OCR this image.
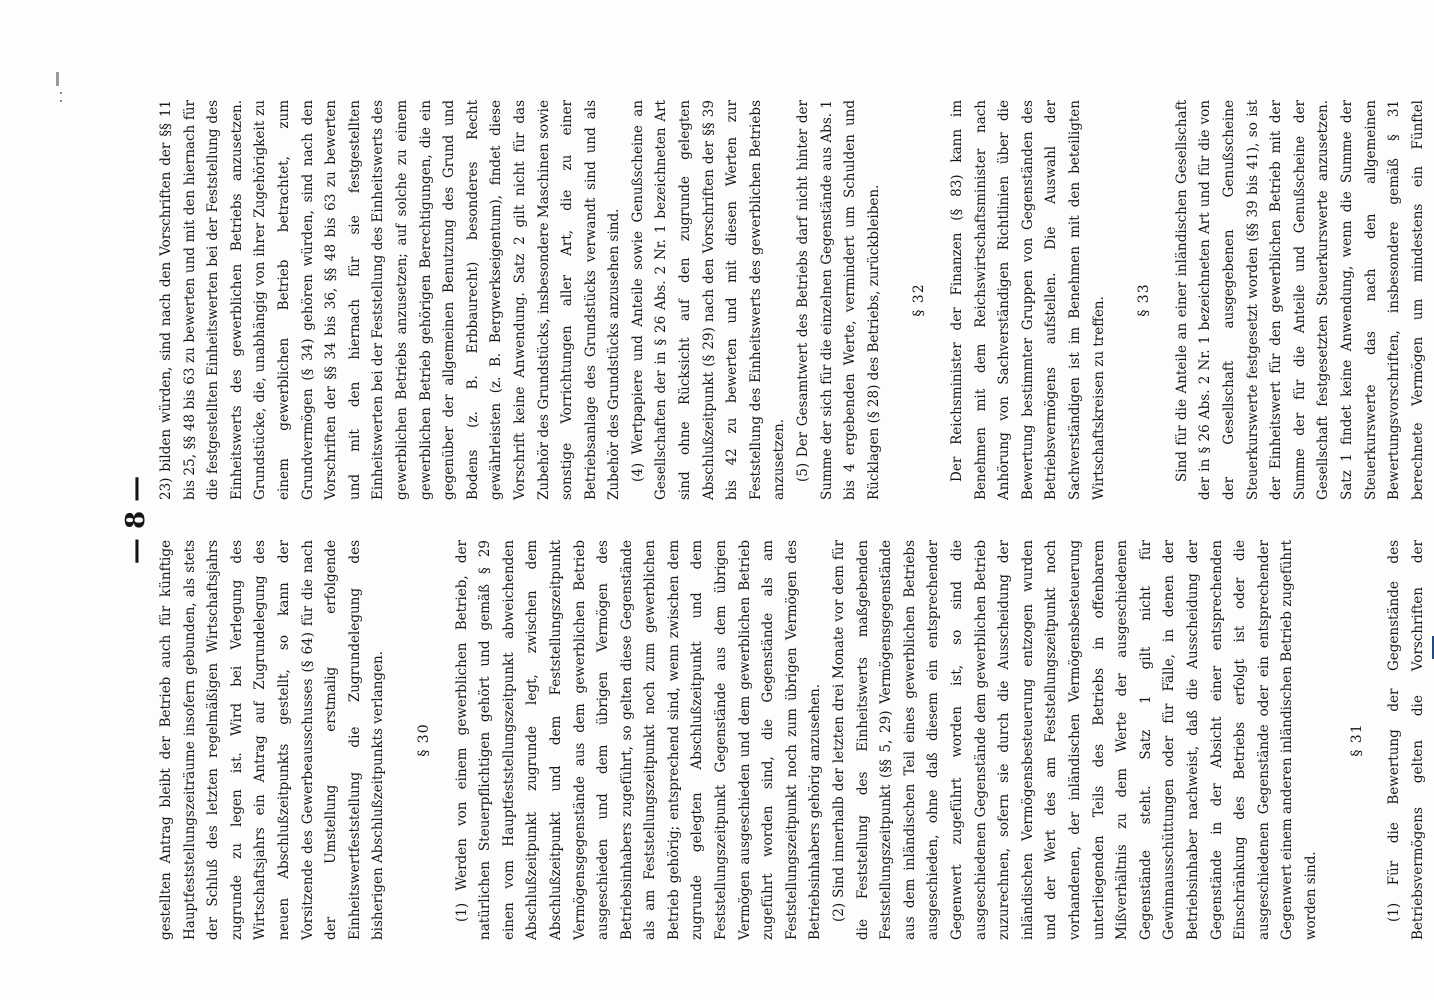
— 8 —

gestellten Antrag bleibt der Betrieb auch für künftige Hauptfeststellungszeiträume insofern gebunden, als stets der Schluß des letzten regelmäßigen Wirtschaftsjahrs zugrunde zu legen ist. Wird bei Verlegung des Wirtschaftsjahrs ein Antrag auf Zugrundelegung des neuen Abschlußzeitpunkts gestellt, so kann der Vorsitzende des Gewerbeausschusses (§ 64) für die nach der Umstellung erstmalig erfolgende Einheitswertfeststellung die Zugrundelegung des bisherigen Abschlußzeitpunkts verlangen.	§ 30	(1) Werden von einem gewerblichen Betrieb, der natürlichen Steuerpflichtigen gehört und gemäß § 29 einen vom Hauptfeststellungszeitpunkt abweichenden Abschlußzeitpunkt zugrunde legt, zwischen dem Abschlußzeitpunkt und dem Feststellungszeitpunkt Vermögensgegenstände aus dem gewerblichen Betrieb ausgeschieden und dem übrigen Vermögen des Betriebsinhabers zugeführt, so gelten diese Gegenstände als am Feststellungszeitpunkt noch zum gewerblichen Betrieb gehörig; entsprechend sind, wenn zwischen dem zugrunde gelegten Abschlußzeitpunkt und dem Feststellungszeitpunkt Gegenstände aus dem übrigen Vermögen ausgeschieden und dem gewerblichen Betrieb zugeführt worden sind, die Gegenstände als am Feststellungszeitpunkt noch zum übrigen Vermögen des Betriebsinhabers gehörig anzusehen. (2) Sind innerhalb der letzten drei Monate vor dem für die Feststellung des Einheitswerts maßgebenden Feststellungszeitpunkt (§§ 5, 29) Vermögensgegenstände aus dem inländischen Teil eines gewerblichen Betriebs ausgeschieden, ohne daß diesem ein entsprechender Gegenwert zugeführt worden ist, so sind die ausgeschiedenen Gegenstände dem gewerblichen Betrieb zuzurechnen, sofern sie durch die Ausscheidung der inländischen Vermögensbesteuerung entzogen wurden und der Wert des am Feststellungszeitpunkt noch vorhandenen, der inländischen Vermögensbesteuerung unterliegenden Teils des Betriebs in offenbarem Mißverhältnis zu dem Werte der ausgeschiedenen Gegenstände steht. Satz 1 gilt nicht für Gewinnausschüttungen oder für Fälle, in denen der Betriebsinhaber nachweist, daß die Ausscheidung der Gegenstände in der Absicht einer entsprechenden Einschränkung des Betriebs erfolgt ist oder die ausgeschiedenen Gegenstände oder ein entsprechender Gegenwert einem anderen inländischen Betrieb zugeführt worden sind.

§ 31

(1) Für die Bewertung der Gegenstände des Betriebsvermögens gelten die Vorschriften der

23) bilden würden, sind nach den Vorschriften der §§ 11 bis 25, §§ 48 bis 63 zu bewerten und mit den hiernach für die festgestellten Einheitswerten bei der Feststellung des Einheitswerts des gewerblichen Betriebs anzusetzen. Grundstücke, die, unabhängig von ihrer Zugehörigkeit zu einem gewerblichen Betrieb betrachtet, zum Grundvermögen (§ 34) gehören würden, sind nach den Vorschriften der §§ 34 bis 36, §§ 48 bis 63 zu bewerten und mit den hiernach für sie festgestellten Einheitswerten bei der Feststellung des Einheitswerts des gewerblichen Betriebs anzusetzen; auf solche zu einem gewerblichen Betrieb gehörigen Berechtigungen, die ein gegenüber der allgemeinen Benutzung des Grund und Bodens (z. B. Erbbaurecht) besonderes Recht gewährleisten (z. B. Bergwerkseigentum), findet diese Vorschrift keine Anwendung. Satz 2 gilt nicht für das Zubehör des Grundstücks, insbesondere Maschinen sowie sonstige Vorrichtungen aller Art, die zu einer Betriebsanlage des Grundstücks verwandt sind und als Zubehör des Grundstücks anzusehen sind. (4) Wertpapiere und Anteile sowie Genußscheine an Gesellschaften der in § 26 Abs. 2 Nr. 1 bezeichneten Art sind ohne Rücksicht auf den zugrunde gelegten Abschlußzeitpunkt (§ 29) nach den Vorschriften der §§ 39 bis 42 zu bewerten und mit diesen Werten zur Feststellung des Einheitswerts des gewerblichen Betriebs anzusetzen. (5) Der Gesamtwert des Betriebs darf nicht hinter der Summe der sich für die einzelnen Gegenstände aus Abs. 1 bis 4 ergebenden Werte, vermindert um Schulden und Rücklagen (§ 28) des Betriebs, zurückbleiben.	§ 32	Der Reichsminister der Finanzen (§ 83) kann im Benehmen mit dem Reichswirtschaftsminister nach Anhörung von Sachverständigen Richtlinien über die Bewertung bestimmter Gruppen von Gegenständen des Betriebsvermögens aufstellen. Die Auswahl der Sachverständigen ist im Benehmen mit den beteiligten Wirtschaftskreisen zu treffen.	§ 33

Sind für die Anteile an einer inländischen Gesellschaft der in § 26 Abs. 2 Nr. 1 bezeichneten Art und für die von der Gesellschaft ausgegebenen Genußscheine Steuerkurswerte festgesetzt worden (§§ 39 bis 41), so ist der Einheitswert für den gewerblichen Betrieb mit der Summe der für die Anteile und Genußscheine der Gesellschaft festgesetzten Steuerkurswerte anzusetzen. Satz 1 findet keine Anwendung, wenn die Summe der Steuerkurswerte das nach den allgemeinen Bewertungsvorschriften, insbesondere gemäß § 31 berechnete Vermögen um mindestens ein Fünftel
